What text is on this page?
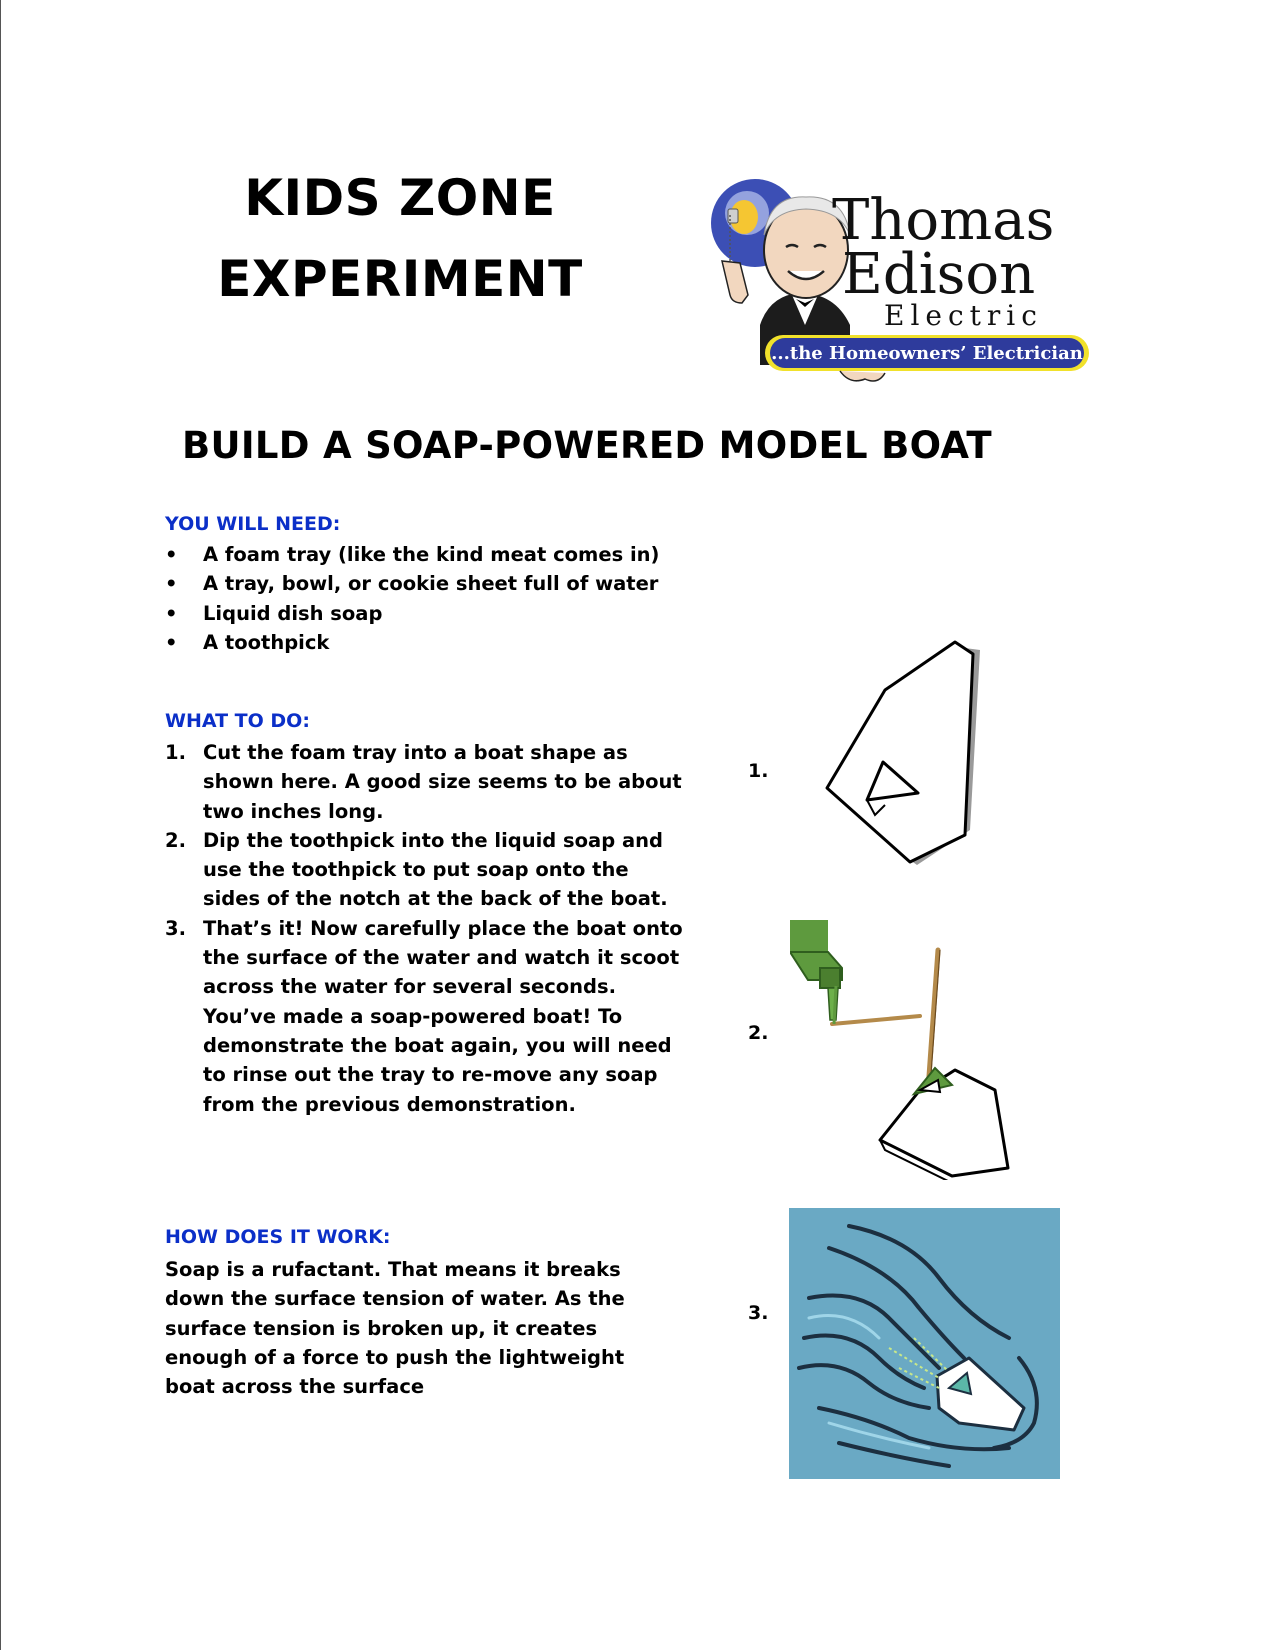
KIDS ZONE
EXPERIMENT
Thomas
Edison
Electric
...the Homeowners’ Electrician
BUILD A SOAP-POWERED MODEL BOAT
YOU WILL NEED:
• A foam tray (like the kind meat comes in)
• A tray, bowl, or cookie sheet full of water
• Liquid dish soap
• A toothpick
WHAT TO DO:
1. Cut the foam tray into a boat shape as shown here. A good size seems to be about two inches long.
2. Dip the toothpick into the liquid soap and use the toothpick to put soap onto the sides of the notch at the back of the boat.
3. That’s it! Now carefully place the boat onto the surface of the water and watch it scoot across the water for several seconds. You’ve made a soap-powered boat! To demonstrate the boat again, you will need to rinse out the tray to re-move any soap from the previous demonstration.
HOW DOES IT WORK:

Soap is a rufactant. That means it breaks down the surface tension of water. As the surface tension is broken up, it creates enough of a force to push the lightweight boat across the surface

1.
2.
3.
